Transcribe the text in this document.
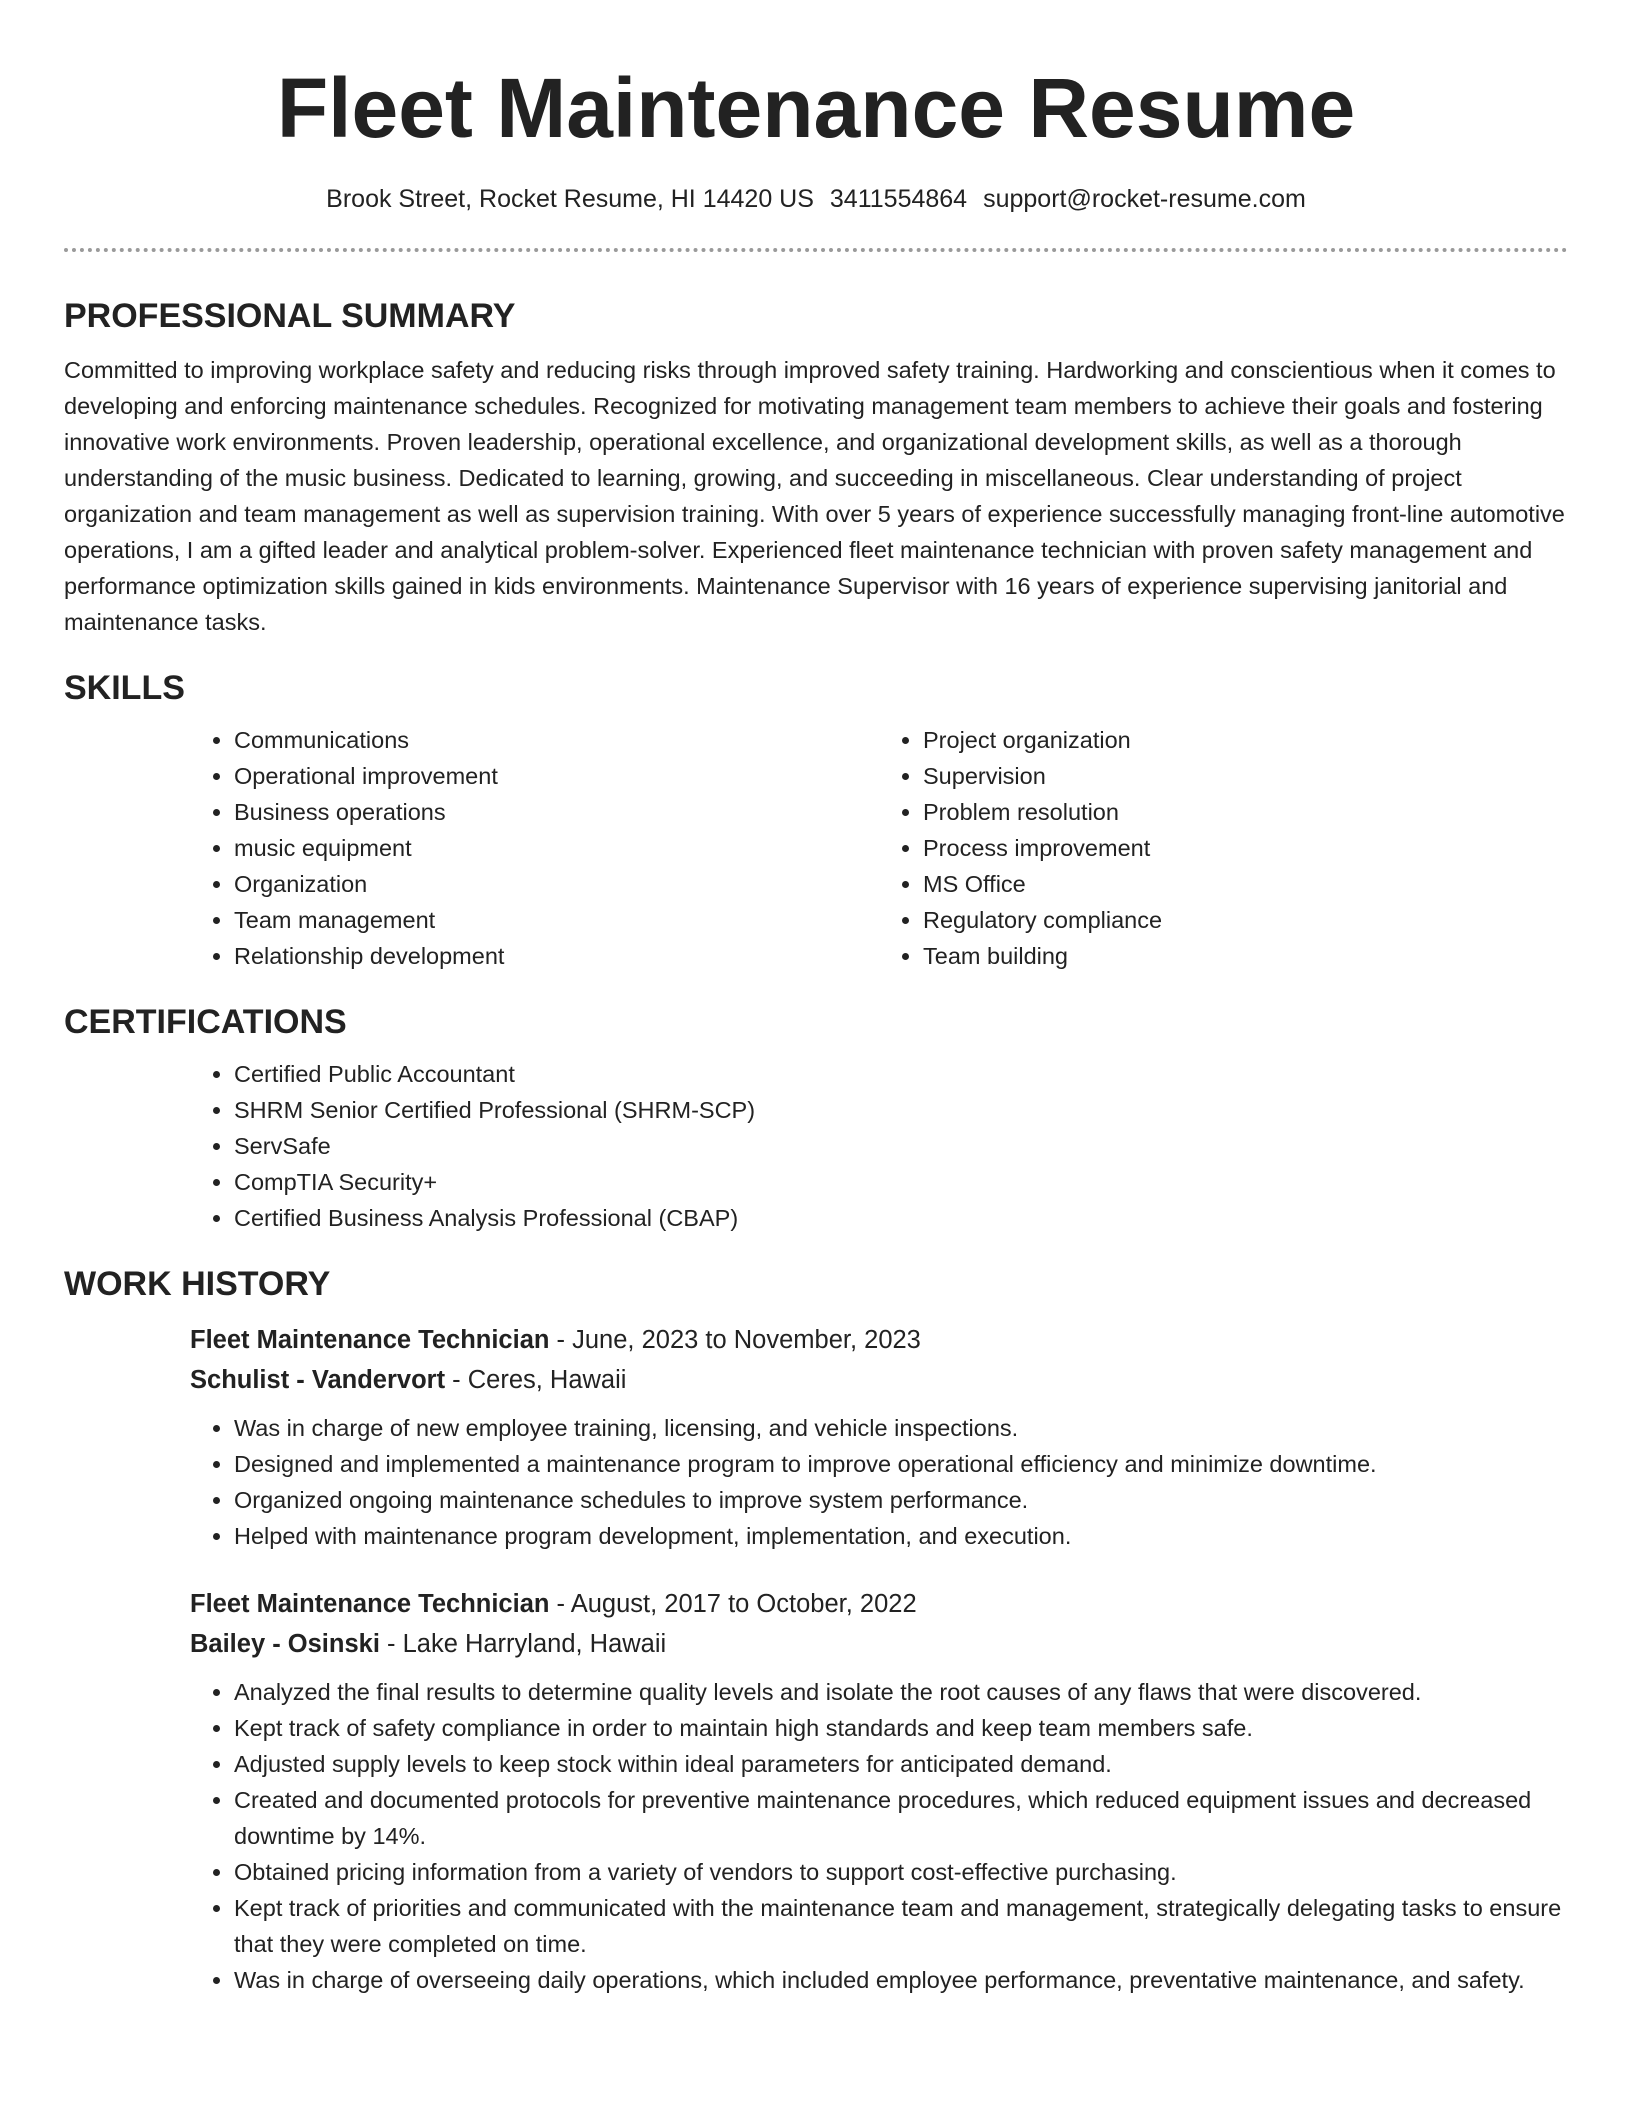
Fleet Maintenance Resume
Brook Street, Rocket Resume, HI 14420 US 3411554864 support@rocket-resume.com
PROFESSIONAL SUMMARY

Committed to improving workplace safety and reducing risks through improved safety training. Hardworking and conscientious when it comes to developing and enforcing maintenance schedules. Recognized for motivating management team members to achieve their goals and fostering innovative work environments. Proven leadership, operational excellence, and organizational development skills, as well as a thorough understanding of the music business. Dedicated to learning, growing, and succeeding in miscellaneous. Clear understanding of project organization and team management as well as supervision training. With over 5 years of experience successfully managing front-line automotive operations, I am a gifted leader and analytical problem-solver. Experienced fleet maintenance technician with proven safety management and performance optimization skills gained in kids environments. Maintenance Supervisor with 16 years of experience supervising janitorial and maintenance tasks.

SKILLS
• Communications
• Operational improvement
• Business operations
• music equipment
• Organization
• Team management
• Relationship development
• Project organization
• Supervision
• Problem resolution
• Process improvement
• MS Office
• Regulatory compliance
• Team building
CERTIFICATIONS
• Certified Public Accountant
• SHRM Senior Certified Professional (SHRM-SCP)
• ServSafe
• CompTIA Security+
• Certified Business Analysis Professional (CBAP)
WORK HISTORY

Fleet Maintenance Technician - June, 2023 to November, 2023

Schulist - Vandervort - Ceres, Hawaii

• Was in charge of new employee training, licensing, and vehicle inspections.
• Designed and implemented a maintenance program to improve operational efficiency and minimize downtime.
• Organized ongoing maintenance schedules to improve system performance.
• Helped with maintenance program development, implementation, and execution.

Fleet Maintenance Technician - August, 2017 to October, 2022

Bailey - Osinski - Lake Harryland, Hawaii

• Analyzed the final results to determine quality levels and isolate the root causes of any flaws that were discovered.
• Kept track of safety compliance in order to maintain high standards and keep team members safe.
• Adjusted supply levels to keep stock within ideal parameters for anticipated demand.
• Created and documented protocols for preventive maintenance procedures, which reduced equipment issues and decreased downtime by 14%.
• Obtained pricing information from a variety of vendors to support cost-effective purchasing.
• Kept track of priorities and communicated with the maintenance team and management, strategically delegating tasks to ensure that they were completed on time.
• Was in charge of overseeing daily operations, which included employee performance, preventative maintenance, and safety.
